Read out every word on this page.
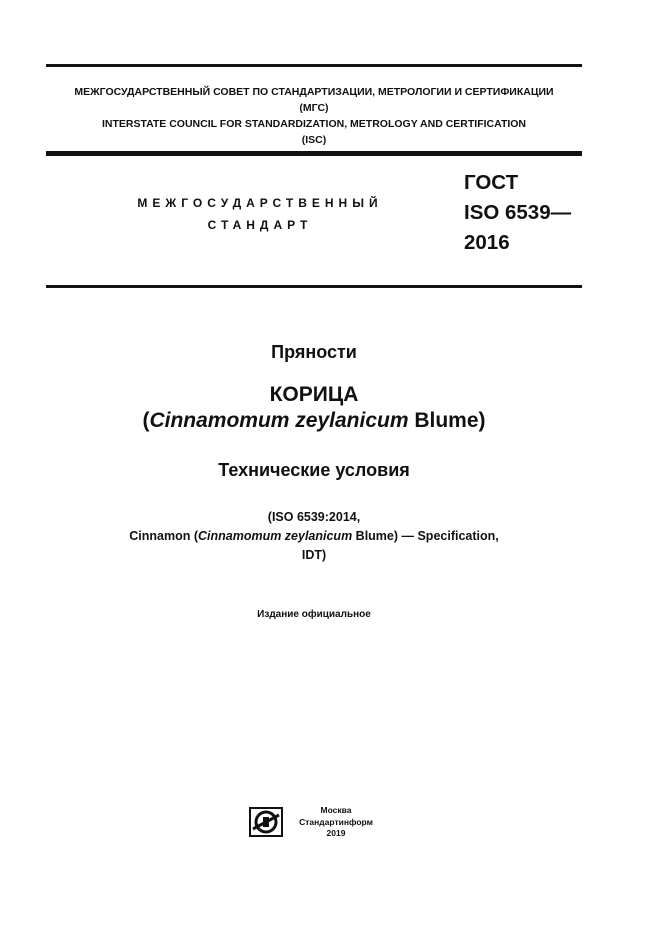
МЕЖГОСУДАРСТВЕННЫЙ СОВЕТ ПО СТАНДАРТИЗАЦИИ, МЕТРОЛОГИИ И СЕРТИФИКАЦИИ
(МГС)
INTERSTATE COUNCIL FOR STANDARDIZATION, METROLOGY AND CERTIFICATION
(ISC)
МЕЖГОСУДАРСТВЕННЫЙ
СТАНДАРТ
ГОСТ
ISO 6539—
2016
Пряности
КОРИЦА
(Cinnamomum zeylanicum Blume)
Технические условия
(ISO 6539:2014,
Cinnamon (Cinnamomum zeylanicum Blume) — Specification,
IDT)
Издание официальное
Москва
Стандартинформ
2019
